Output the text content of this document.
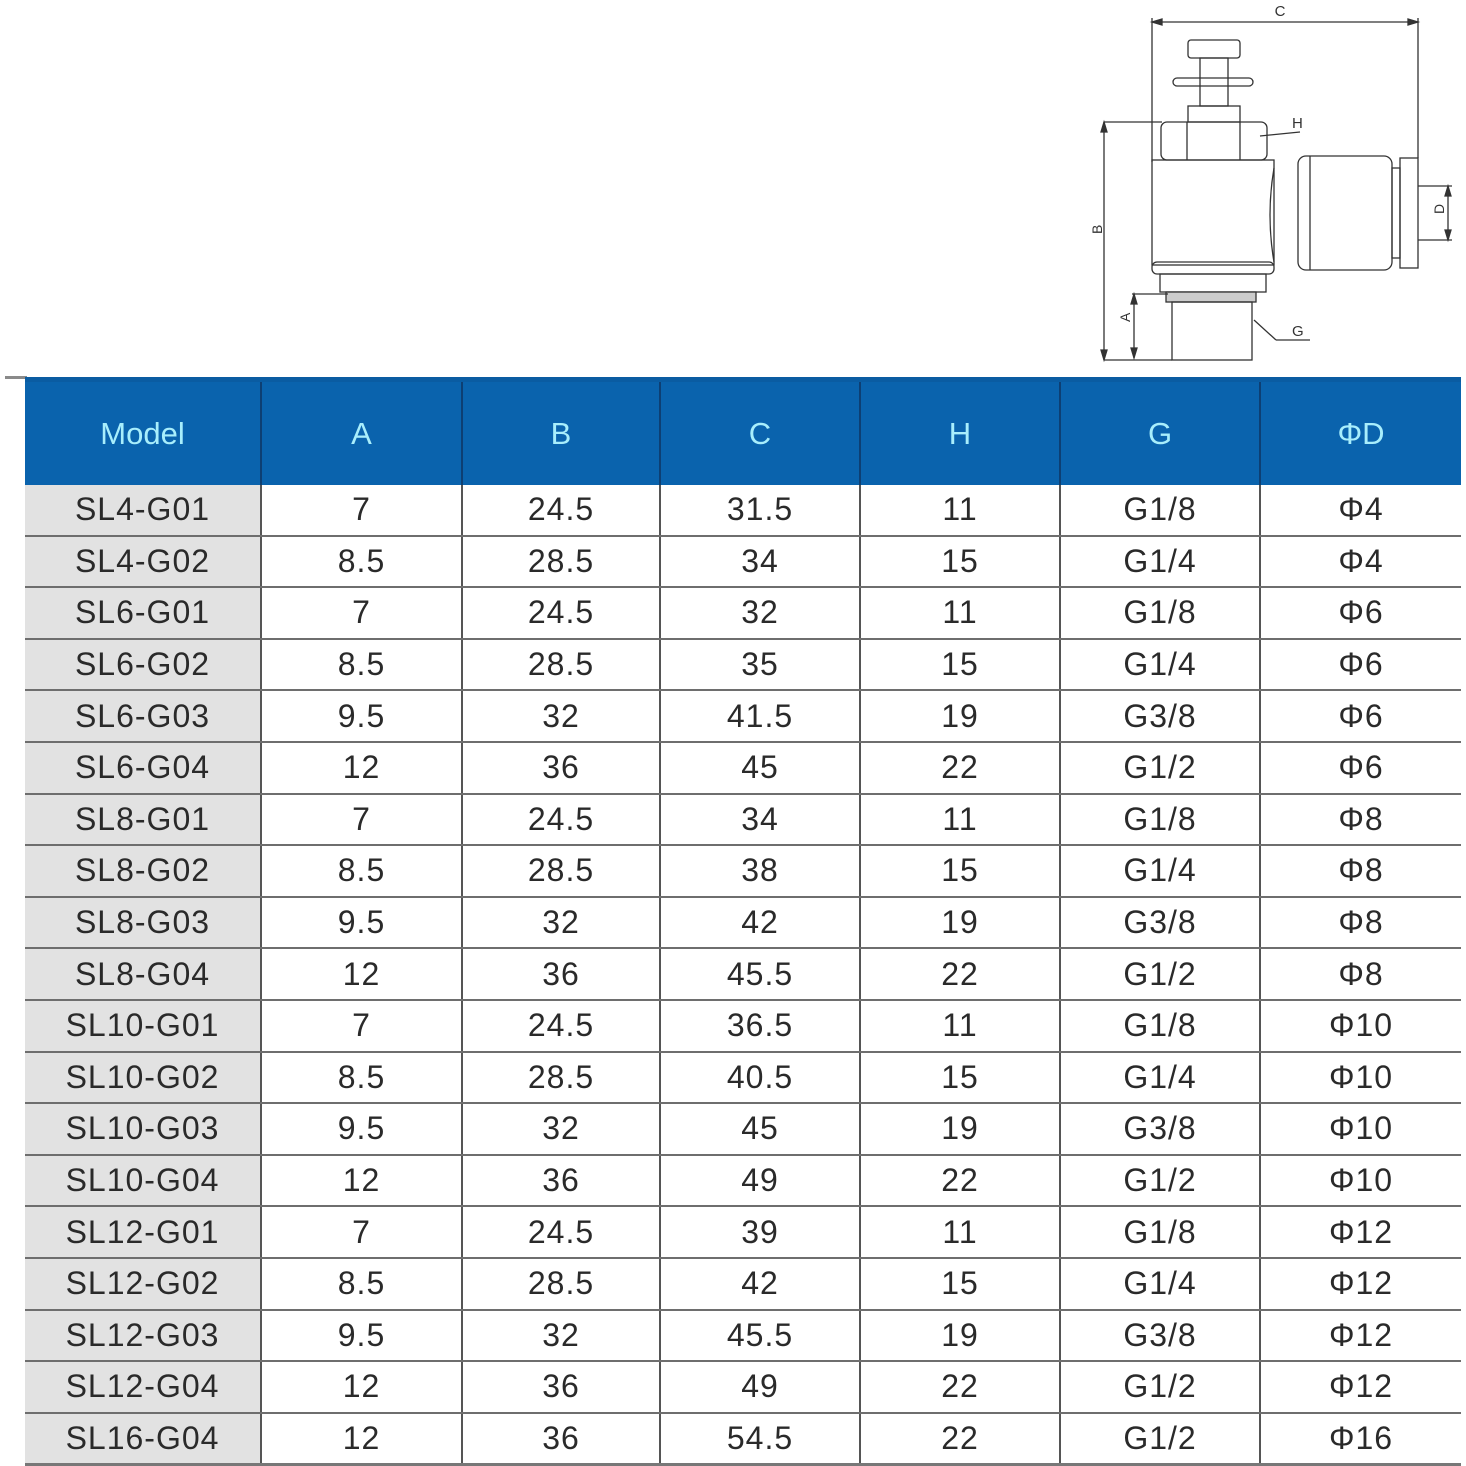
C
H
D
G
B
A
Model	A	B	C	H	G	ΦD
SL4-G01	7	24.5	31.5	11	G1/8	Φ4
SL4-G02	8.5	28.5	34	15	G1/4	Φ4
SL6-G01	7	24.5	32	11	G1/8	Φ6
SL6-G02	8.5	28.5	35	15	G1/4	Φ6
SL6-G03	9.5	32	41.5	19	G3/8	Φ6
SL6-G04	12	36	45	22	G1/2	Φ6
SL8-G01	7	24.5	34	11	G1/8	Φ8
SL8-G02	8.5	28.5	38	15	G1/4	Φ8
SL8-G03	9.5	32	42	19	G3/8	Φ8
SL8-G04	12	36	45.5	22	G1/2	Φ8
SL10-G01	7	24.5	36.5	11	G1/8	Φ10
SL10-G02	8.5	28.5	40.5	15	G1/4	Φ10
SL10-G03	9.5	32	45	19	G3/8	Φ10
SL10-G04	12	36	49	22	G1/2	Φ10
SL12-G01	7	24.5	39	11	G1/8	Φ12
SL12-G02	8.5	28.5	42	15	G1/4	Φ12
SL12-G03	9.5	32	45.5	19	G3/8	Φ12
SL12-G04	12	36	49	22	G1/2	Φ12
SL16-G04	12	36	54.5	22	G1/2	Φ16
